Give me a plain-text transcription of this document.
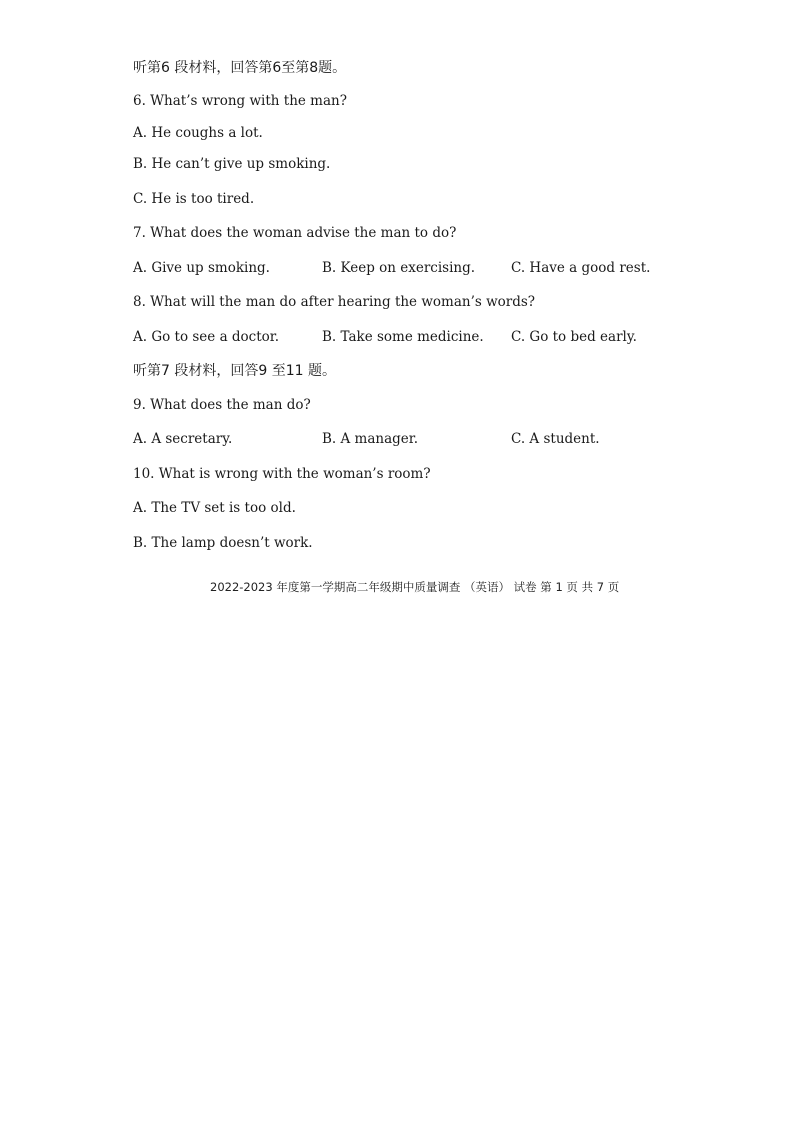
听第6 段材料，回答第6至第8题。
6. What’s wrong with the man?
A. He coughs a lot.
B. He can’t give up smoking.
C. He is too tired.
7. What does the woman advise the man to do?
A. Give up smoking.	B. Keep on exercising.	C. Have a good rest.
8. What will the man do after hearing the woman’s words?
A. Go to see a doctor.	B. Take some medicine. C. Go to bed early.
听第7 段材料，回答9 至11 题。
9. What does the man do?
A. A secretary.	B. A manager.	C. A student.
10. What is wrong with the woman’s room?
A. The TV set is too old.
B. The lamp doesn’t work.
2022-2023 年度第一学期高二年级期中质量调查 （英语） 试卷 第 1 页 共 7 页
